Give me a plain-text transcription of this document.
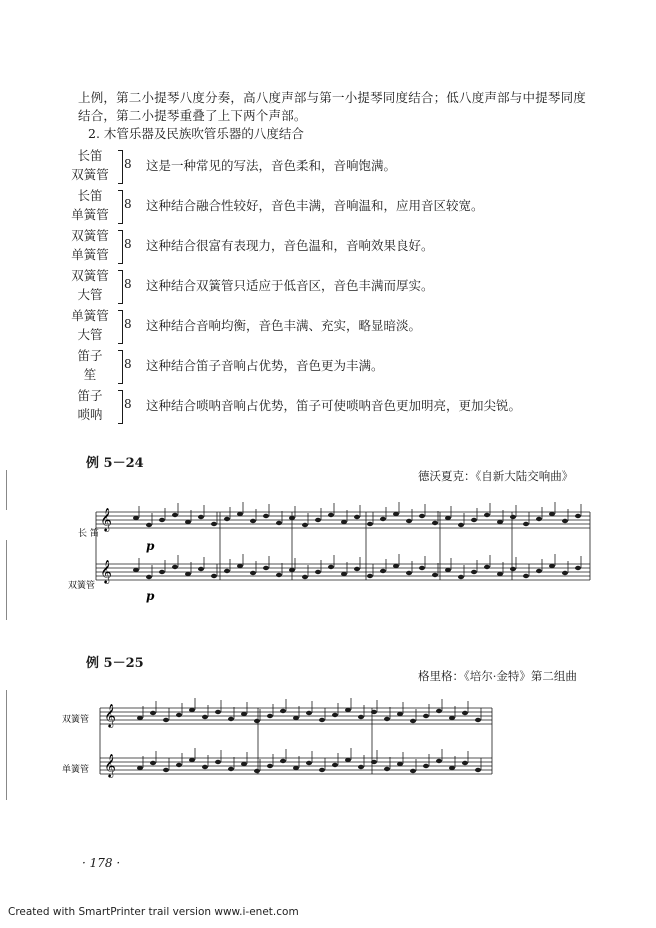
上例，第二小提琴八度分奏，高八度声部与第一小提琴同度结合；低八度声部与中提琴同度
结合，第二小提琴重叠了上下两个声部。
2. 木管乐器及民族吹管乐器的八度结合
长笛
双簧管
8 这是一种常见的写法，音色柔和，音响饱满。
长笛
单簧管
8 这种结合融合性较好，音色丰满，音响温和，应用音区较宽。
双簧管
单簧管
8 这种结合很富有表现力，音色温和，音响效果良好。
双簧管
大管
8 这种结合双簧管只适应于低音区，音色丰满而厚实。
单簧管
大管
8 这种结合音响均衡，音色丰满、充实，略显暗淡。
笛子
笙
8 这种结合笛子音响占优势，音色更为丰满。
笛子
唢呐
8 这种结合唢呐音响占优势，笛子可使唢呐音色更加明亮，更加尖锐。
例 5－24
德沃夏克：《自新大陆交响曲》
长 笛
双簧管
𝄞
𝄞
p
p
例 5－25
格里格：《培尔·金特》第二组曲
双簧管
单簧管
𝄞
𝄞
· 178 ·
Created with SmartPrinter trail version www.i-enet.com
